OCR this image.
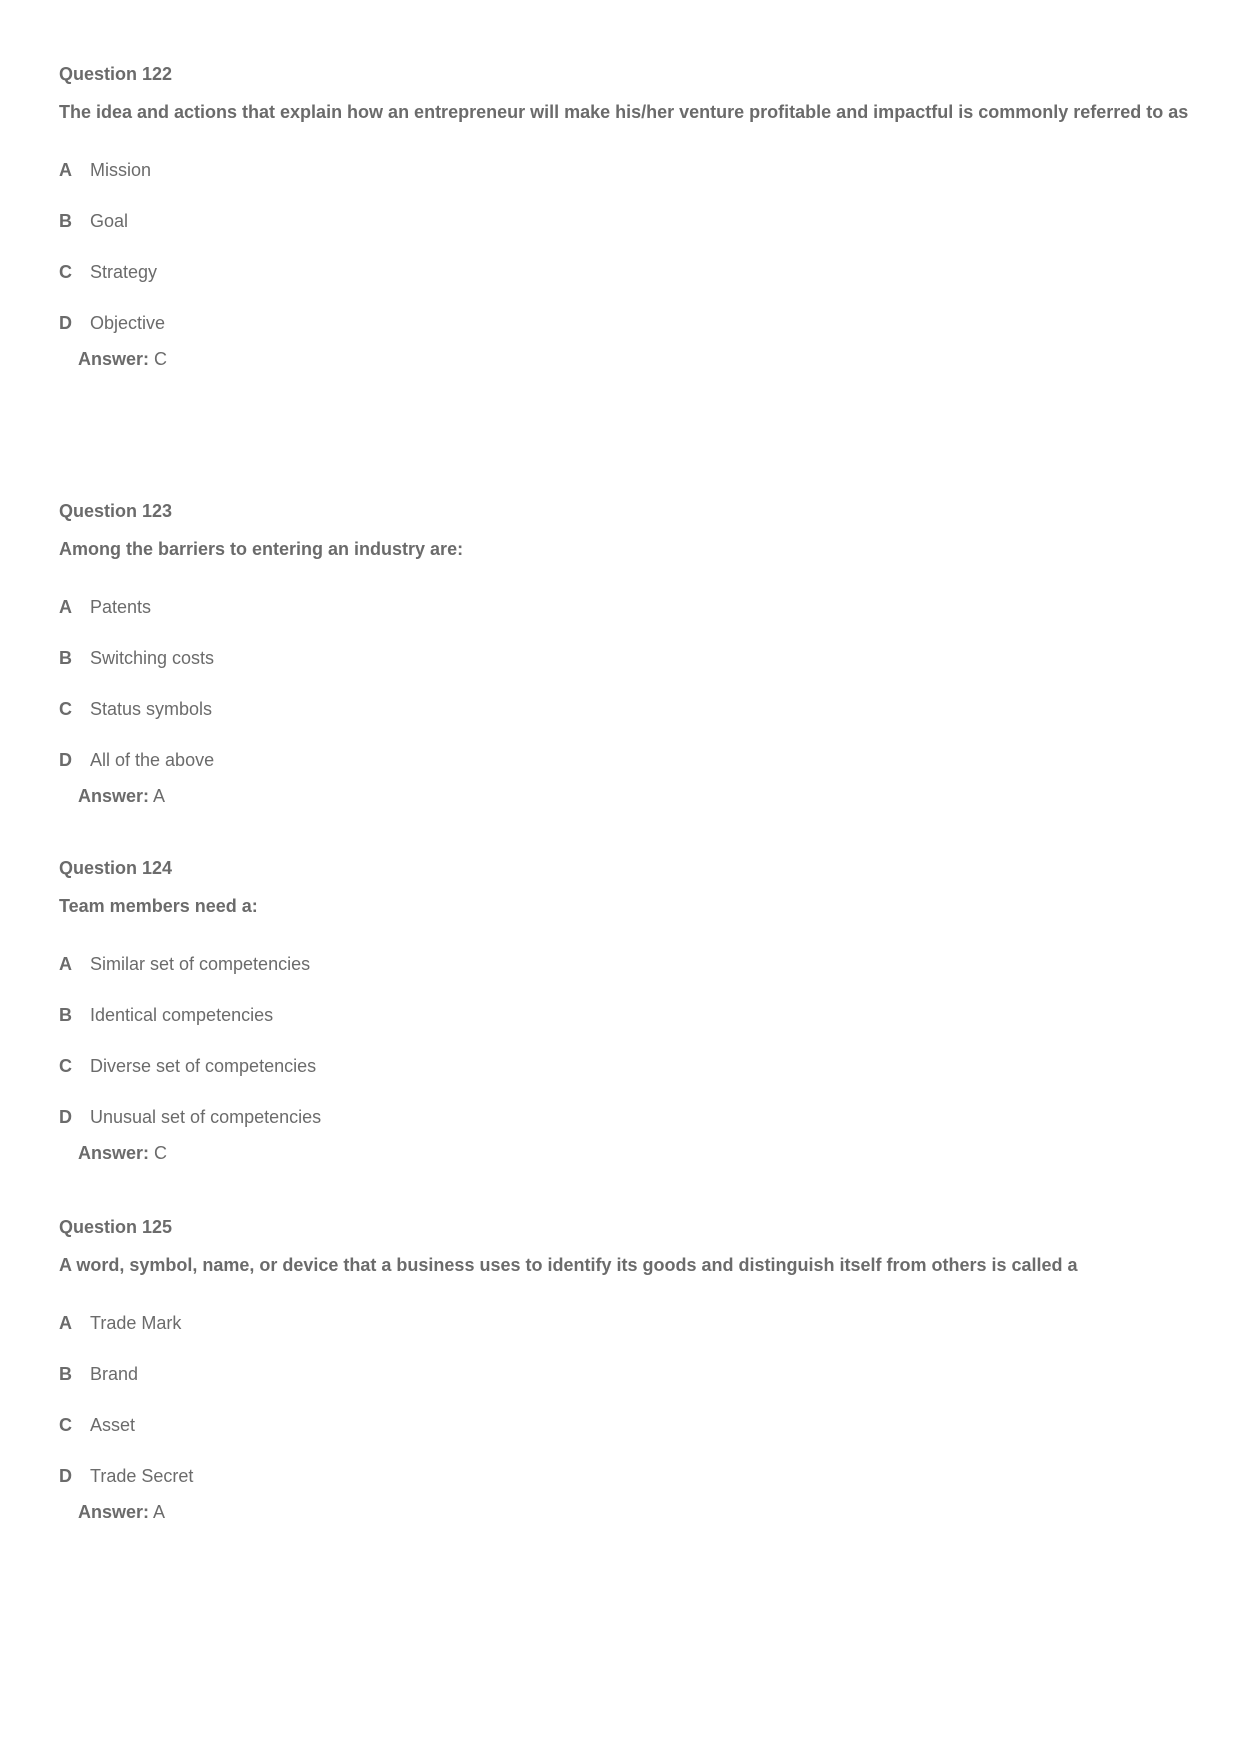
Question 122
The idea and actions that explain how an entrepreneur will make his/her venture profitable and impactful is commonly referred to as
A	Mission
B	Goal
C	Strategy
D	Objective
Answer: C
Question 123
Among the barriers to entering an industry are:
A	Patents
B	Switching costs
C	Status symbols
D	All of the above
Answer: A
Question 124
Team members need a:
A	Similar set of competencies
B	Identical competencies
C	Diverse set of competencies
D	Unusual set of competencies
Answer: C
Question 125
A word, symbol, name, or device that a business uses to identify its goods and distinguish itself from others is called a
A	Trade Mark
B	Brand
C	Asset
D	Trade Secret
Answer: A
